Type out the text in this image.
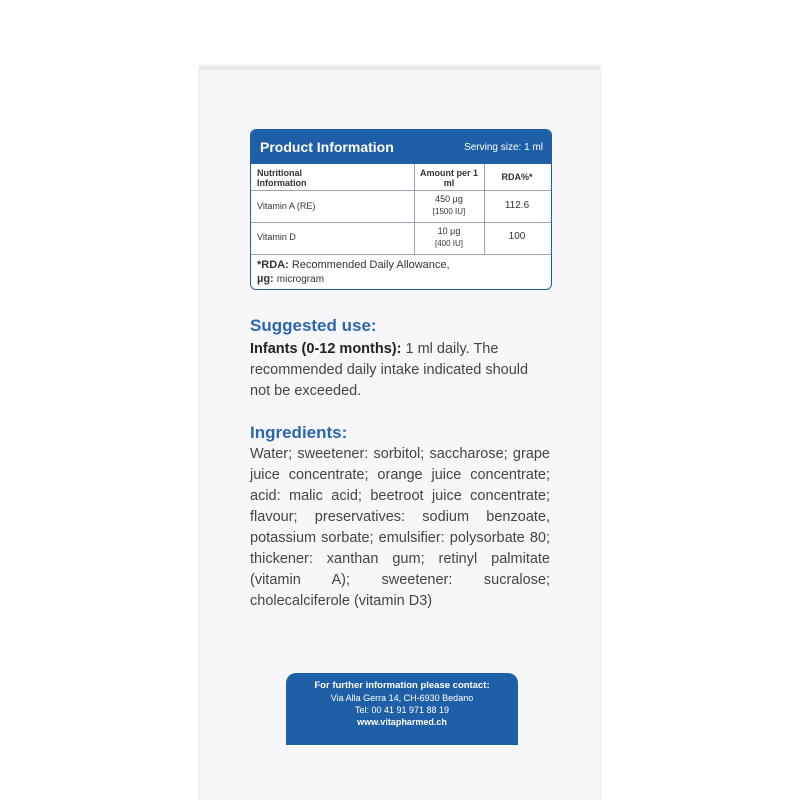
Product Information	Serving size: 1 ml
Nutritional Information
Amount per 1 ml
RDA%*
Vitamin A (RE)
450 µg
[1500 IU]
112.6
Vitamin D
10 µg
[400 IU]
100
*RDA: Recommended Daily Allowance,
µg: microgram
Suggested use:
Infants (0-12 months): 1 ml daily. The recommended daily intake indicated should not be exceeded.
Ingredients:
Water; sweetener: sorbitol; saccharose; grape juice concentrate; orange juice concentrate; acid: malic acid; beetroot juice concentrate; flavour; preservatives: sodium benzoate, potassium sorbate; emulsifier: polysorbate 80; thickener: xanthan gum; retinyl palmitate (vitamin A); sweetener: sucralose; cholecalciferole (vitamin D3)
For further information please contact:
Via Alla Gerra 14, CH-6930 Bedano
Tel: 00 41 91 971 88 19
www.vitapharmed.ch
